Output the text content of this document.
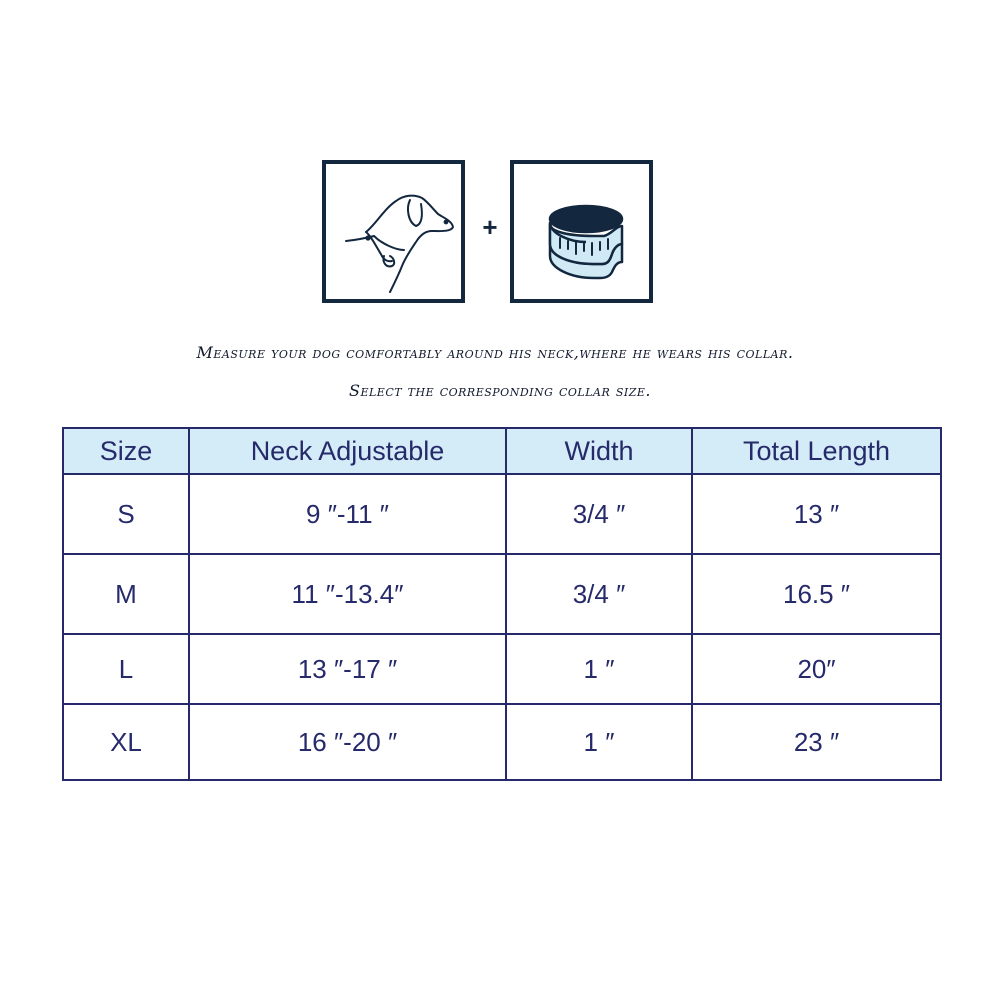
+
Measure your dog comfortably around his neck,where he wears his collar.
Select the corresponding collar size.
Size	Neck Adjustable	Width	Total Length
S	9 ″-11 ″	3/4 ″	13 ″
M	11 ″-13.4″	3/4 ″	16.5 ″
L	13 ″-17 ″	1 ″	20″
XL	16 ″-20 ″	1 ″	23 ″
